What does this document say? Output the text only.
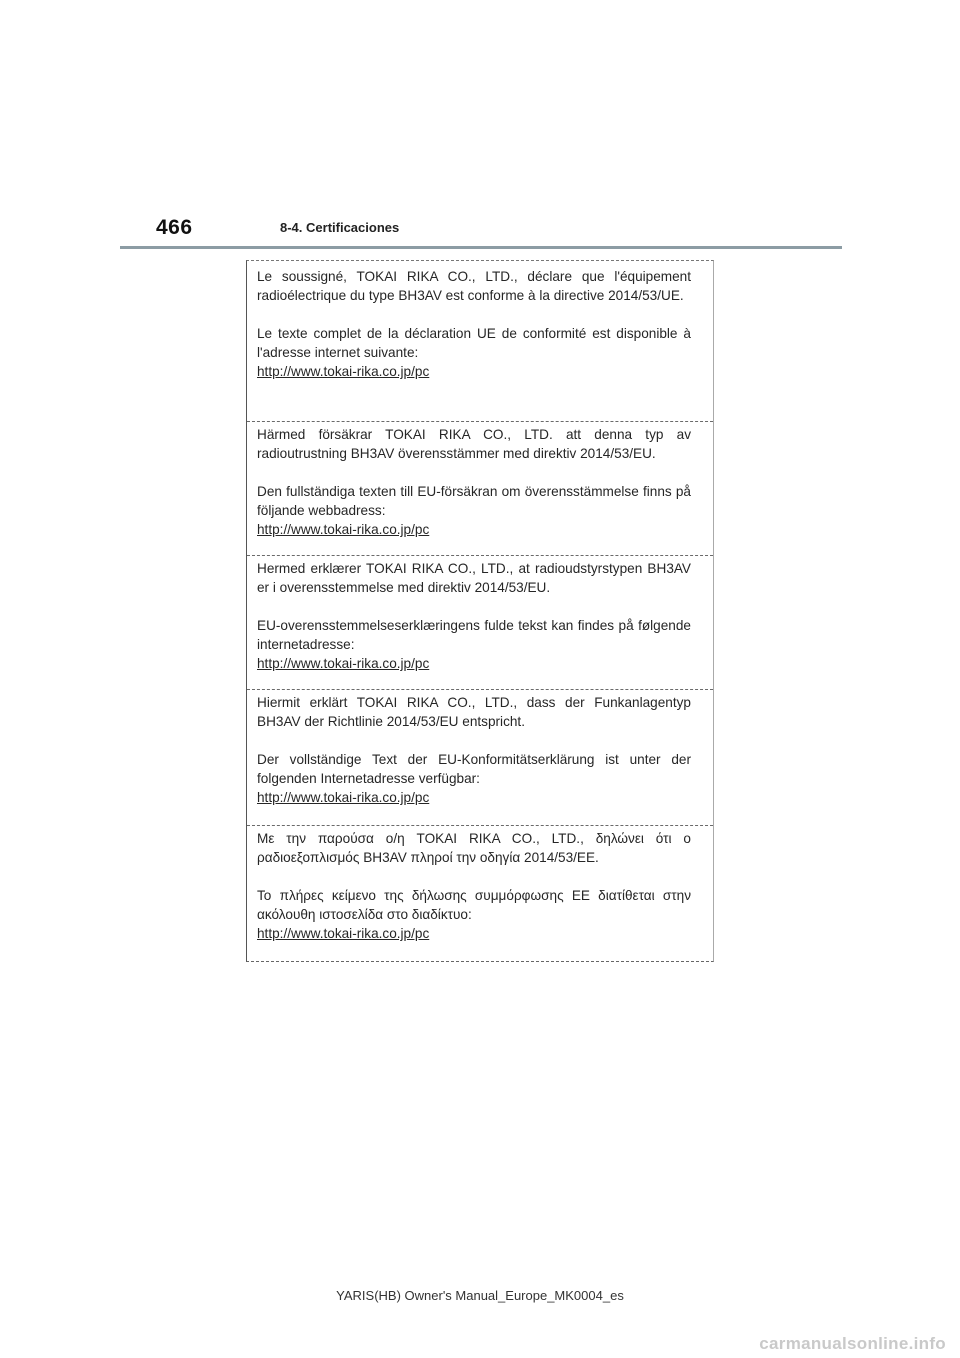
466	8-4. Certificaciones

Le soussigné, TOKAI RIKA CO., LTD., déclare que l'équipement radioélectrique du type BH3AV est conforme à la directive 2014/53/UE.

Le texte complet de la déclaration UE de conformité est disponible à l'adresse internet suivante:

http://www.tokai-rika.co.jp/pc

Härmed försäkrar TOKAI RIKA CO., LTD. att denna typ av radioutrustning BH3AV överensstämmer med direktiv 2014/53/EU.

Den fullständiga texten till EU-försäkran om överensstämmelse finns på följande webbadress:

http://www.tokai-rika.co.jp/pc

Hermed erklærer TOKAI RIKA CO., LTD., at radioudstyrstypen BH3AV er i overensstemmelse med direktiv 2014/53/EU.

EU-overensstemmelseserklæringens fulde tekst kan findes på følgende internetadresse:

http://www.tokai-rika.co.jp/pc

Hiermit erklärt TOKAI RIKA CO., LTD., dass der Funkanlagentyp BH3AV der Richtlinie 2014/53/EU entspricht.

Der vollständige Text der EU-Konformitätserklärung ist unter der folgenden Internetadresse verfügbar:

http://www.tokai-rika.co.jp/pc

Με την παρούσα ο/η TOKAI RIKA CO., LTD., δηλώνει ότι ο ραδιοεξοπλισμός BH3AV πληροί την οδηγία 2014/53/ΕΕ.

Το πλήρες κείμενο της δήλωσης συμμόρφωσης ΕΕ διατίθεται στην ακόλουθη ιστοσελίδα στο διαδίκτυο:

http://www.tokai-rika.co.jp/pc
YARIS(HB) Owner's Manual_Europe_MK0004_es
carmanualsonline.info
